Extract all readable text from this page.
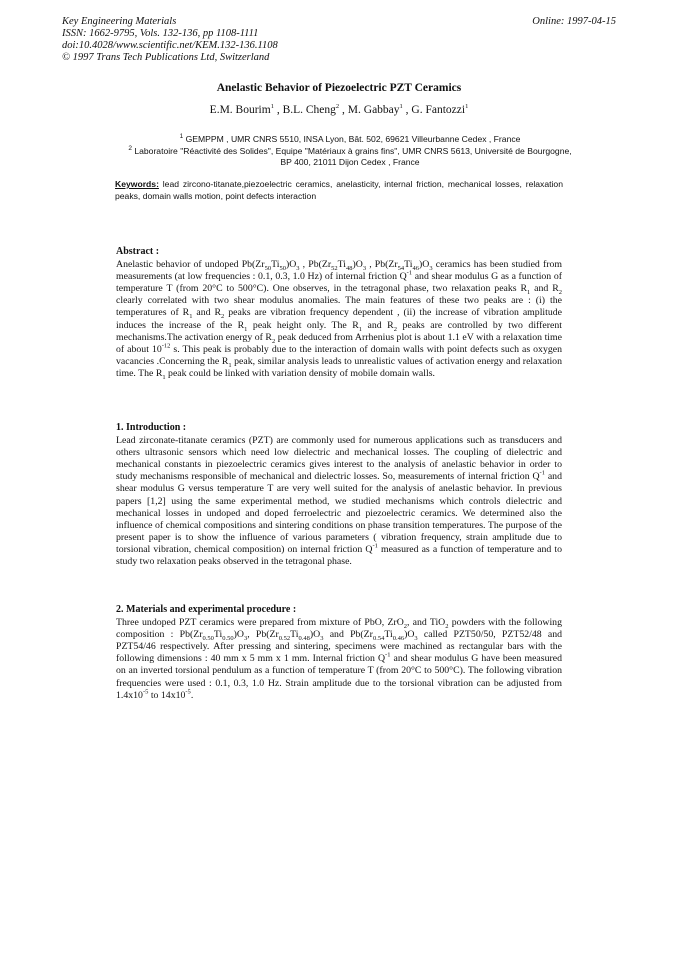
Key Engineering Materials
ISSN: 1662-9795, Vols. 132-136, pp 1108-1111
doi:10.4028/www.scientific.net/KEM.132-136.1108
© 1997 Trans Tech Publications Ltd, Switzerland
Online: 1997-04-15
Anelastic Behavior of Piezoelectric PZT Ceramics
E.M. Bourim$^1$ , B.L. Cheng$^2$ , M. Gabbay$^1$ , G. Fantozzi$^1$
$^1$ GEMPPM , UMR CNRS 5510, INSA Lyon, Bât. 502, 69621 Villeurbanne Cedex , France
$^2$ Laboratoire "Réactivité des Solides", Equipe "Matériaux à grains fins", UMR CNRS 5613, Université de Bourgogne,
BP 400, 21011 Dijon Cedex , France
Keywords: lead zircono-titanate,piezoelectric ceramics, anelasticity, internal friction, mechanical losses, relaxation peaks, domain walls motion, point defects interaction
Abstract :
Anelastic behavior of undoped $Pb(Zr_{50}Ti_{50})O_3$ , $Pb(Zr_{52}Ti_{48})O_3$ , $Pb(Zr_{54}Ti_{46})O_3$ ceramics has been studied from measurements (at low frequencies : 0.1, 0.3, 1.0 Hz) of internal friction $Q^{-1}$ and shear modulus G as a function of temperature T (from 20°C to 500°C). One observes, in the tetragonal phase, two relaxation peaks $R_1$ and $R_2$ clearly correlated with two shear modulus anomalies. The main features of these two peaks are : (i) the temperatures of $R_1$ and $R_2$ peaks are vibration frequency dependent , (ii) the increase of vibration amplitude induces the increase of the $R_1$ peak height only. The $R_1$ and $R_2$ peaks are controlled by two different mechanisms.The activation energy of $R_2$ peak deduced from Arrhenius plot is about 1.1 eV with a relaxation time of about $10^{-12}$ s. This peak is probably due to the interaction of domain walls with point defects such as oxygen vacancies .Concerning the $R_1$ peak, similar analysis leads to unrealistic values of activation energy and relaxation time. The $R_1$ peak could be linked with variation density of mobile domain walls.
1. Introduction :
Lead zirconate-titanate ceramics (PZT) are commonly used for numerous applications such as transducers and others ultrasonic sensors which need low dielectric and mechanical losses. The coupling of dielectric and mechanical constants in piezoelectric ceramics gives interest to the analysis of anelastic behavior in order to study mechanisms responsible of mechanical and dielectric losses. So, measurements of internal friction $Q^{-1}$ and shear modulus G versus temperature T are very well suited for the analysis of anelastic behavior. In previous papers [1,2] using the same experimental method, we studied mechanisms which controls dielectric and mechanical losses in undoped and doped ferroelectric and piezoelectric ceramics. We determined also the influence of chemical compositions and sintering conditions on phase transition temperatures. The purpose of the present paper is to show the influence of various parameters ( vibration frequency, strain amplitude due to torsional vibration, chemical composition) on internal friction $Q^{-1}$ measured as a function of temperature and to study two relaxation peaks observed in the tetragonal phase.
2. Materials and experimental procedure :
Three undoped PZT ceramics were prepared from mixture of PbO, ZrO$_2$, and TiO$_2$ powders with the following composition : $Pb(Zr_{0.50}Ti_{0.50})O_3$, $Pb(Zr_{0.52}Ti_{0.48})O_3$ and $Pb(Zr_{0.54}Ti_{0.46})O_3$ called PZT50/50, PZT52/48 and PZT54/46 respectively. After pressing and sintering, specimens were machined as rectangular bars with the following dimensions : 40 mm x 5 mm x 1 mm. Internal friction $Q^{-1}$ and shear modulus G have been measured on an inverted torsional pendulum as a function of temperature T (from 20°C to 500°C). The following vibration frequencies were used : 0.1, 0.3, 1.0 Hz. Strain amplitude due to the torsional vibration can be adjusted from $1.4x10^{-5}$ to $14x10^{-5}$.
